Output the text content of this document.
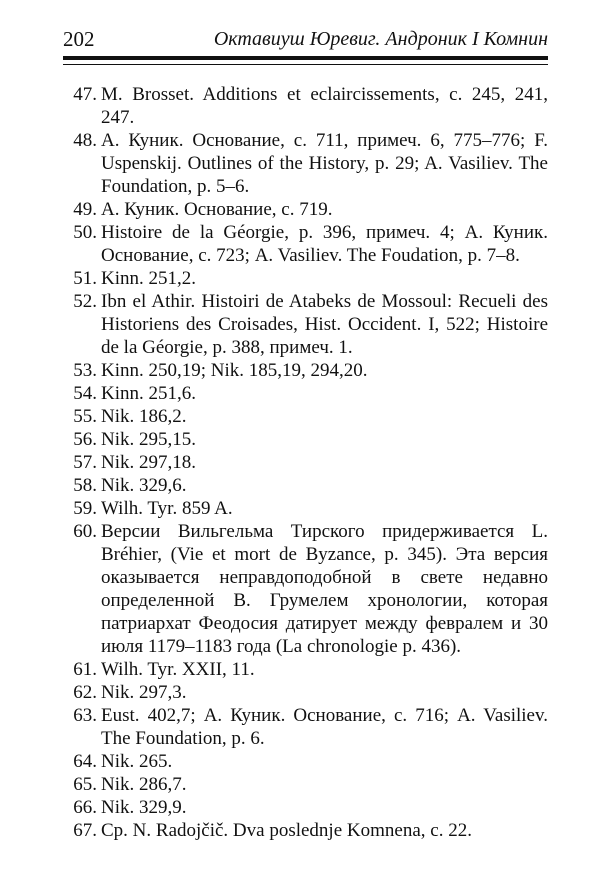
202	Октавиуш Юревиг. Андроник I Комнин
47. M. Brosset. Additions et eclaircissements, c. 245, 241, 247.
48. А. Куник. Основание, с. 711, примеч. 6, 775–776; F. Uspenskij. Outlines of the History, p. 29; A. Vasiliev. The Foundation, p. 5–6.
49. А. Куник. Основание, с. 719.
50. Histoire de la Géorgie, p. 396, примеч. 4; А. Куник. Основание, с. 723; A. Vasiliev. The Foudation, p. 7–8.
51. Kinn. 251,2.
52. Ibn el Athir. Histoiri de Atabeks de Mossoul: Recueli des Historiens des Croisades, Hist. Occident. I, 522; Histoire de la Géorgie, p. 388, примеч. 1.
53. Kinn. 250,19; Nik. 185,19, 294,20.
54. Kinn. 251,6.
55. Nik. 186,2.
56. Nik. 295,15.
57. Nik. 297,18.
58. Nik. 329,6.
59. Wilh. Tyr. 859 A.
60. Версии Вильгельма Тирского придерживается L. Bréhier, (Vie et mort de Byzance, p. 345). Эта версия оказывается неправдоподобной в свете недавно определенной В. Грумелем хронологии, которая патриархат Феодосия датирует между февралем и 30 июля 1179–1183 года (La chronologie p. 436).
61. Wilh. Tyr. XXII, 11.
62. Nik. 297,3.
63. Eust. 402,7; А. Куник. Основание, с. 716; A. Vasiliev. The Foundation, p. 6.
64. Nik. 265.
65. Nik. 286,7.
66. Nik. 329,9.
67. Cp. N. Radojčič. Dva poslednje Komnena, c. 22.
